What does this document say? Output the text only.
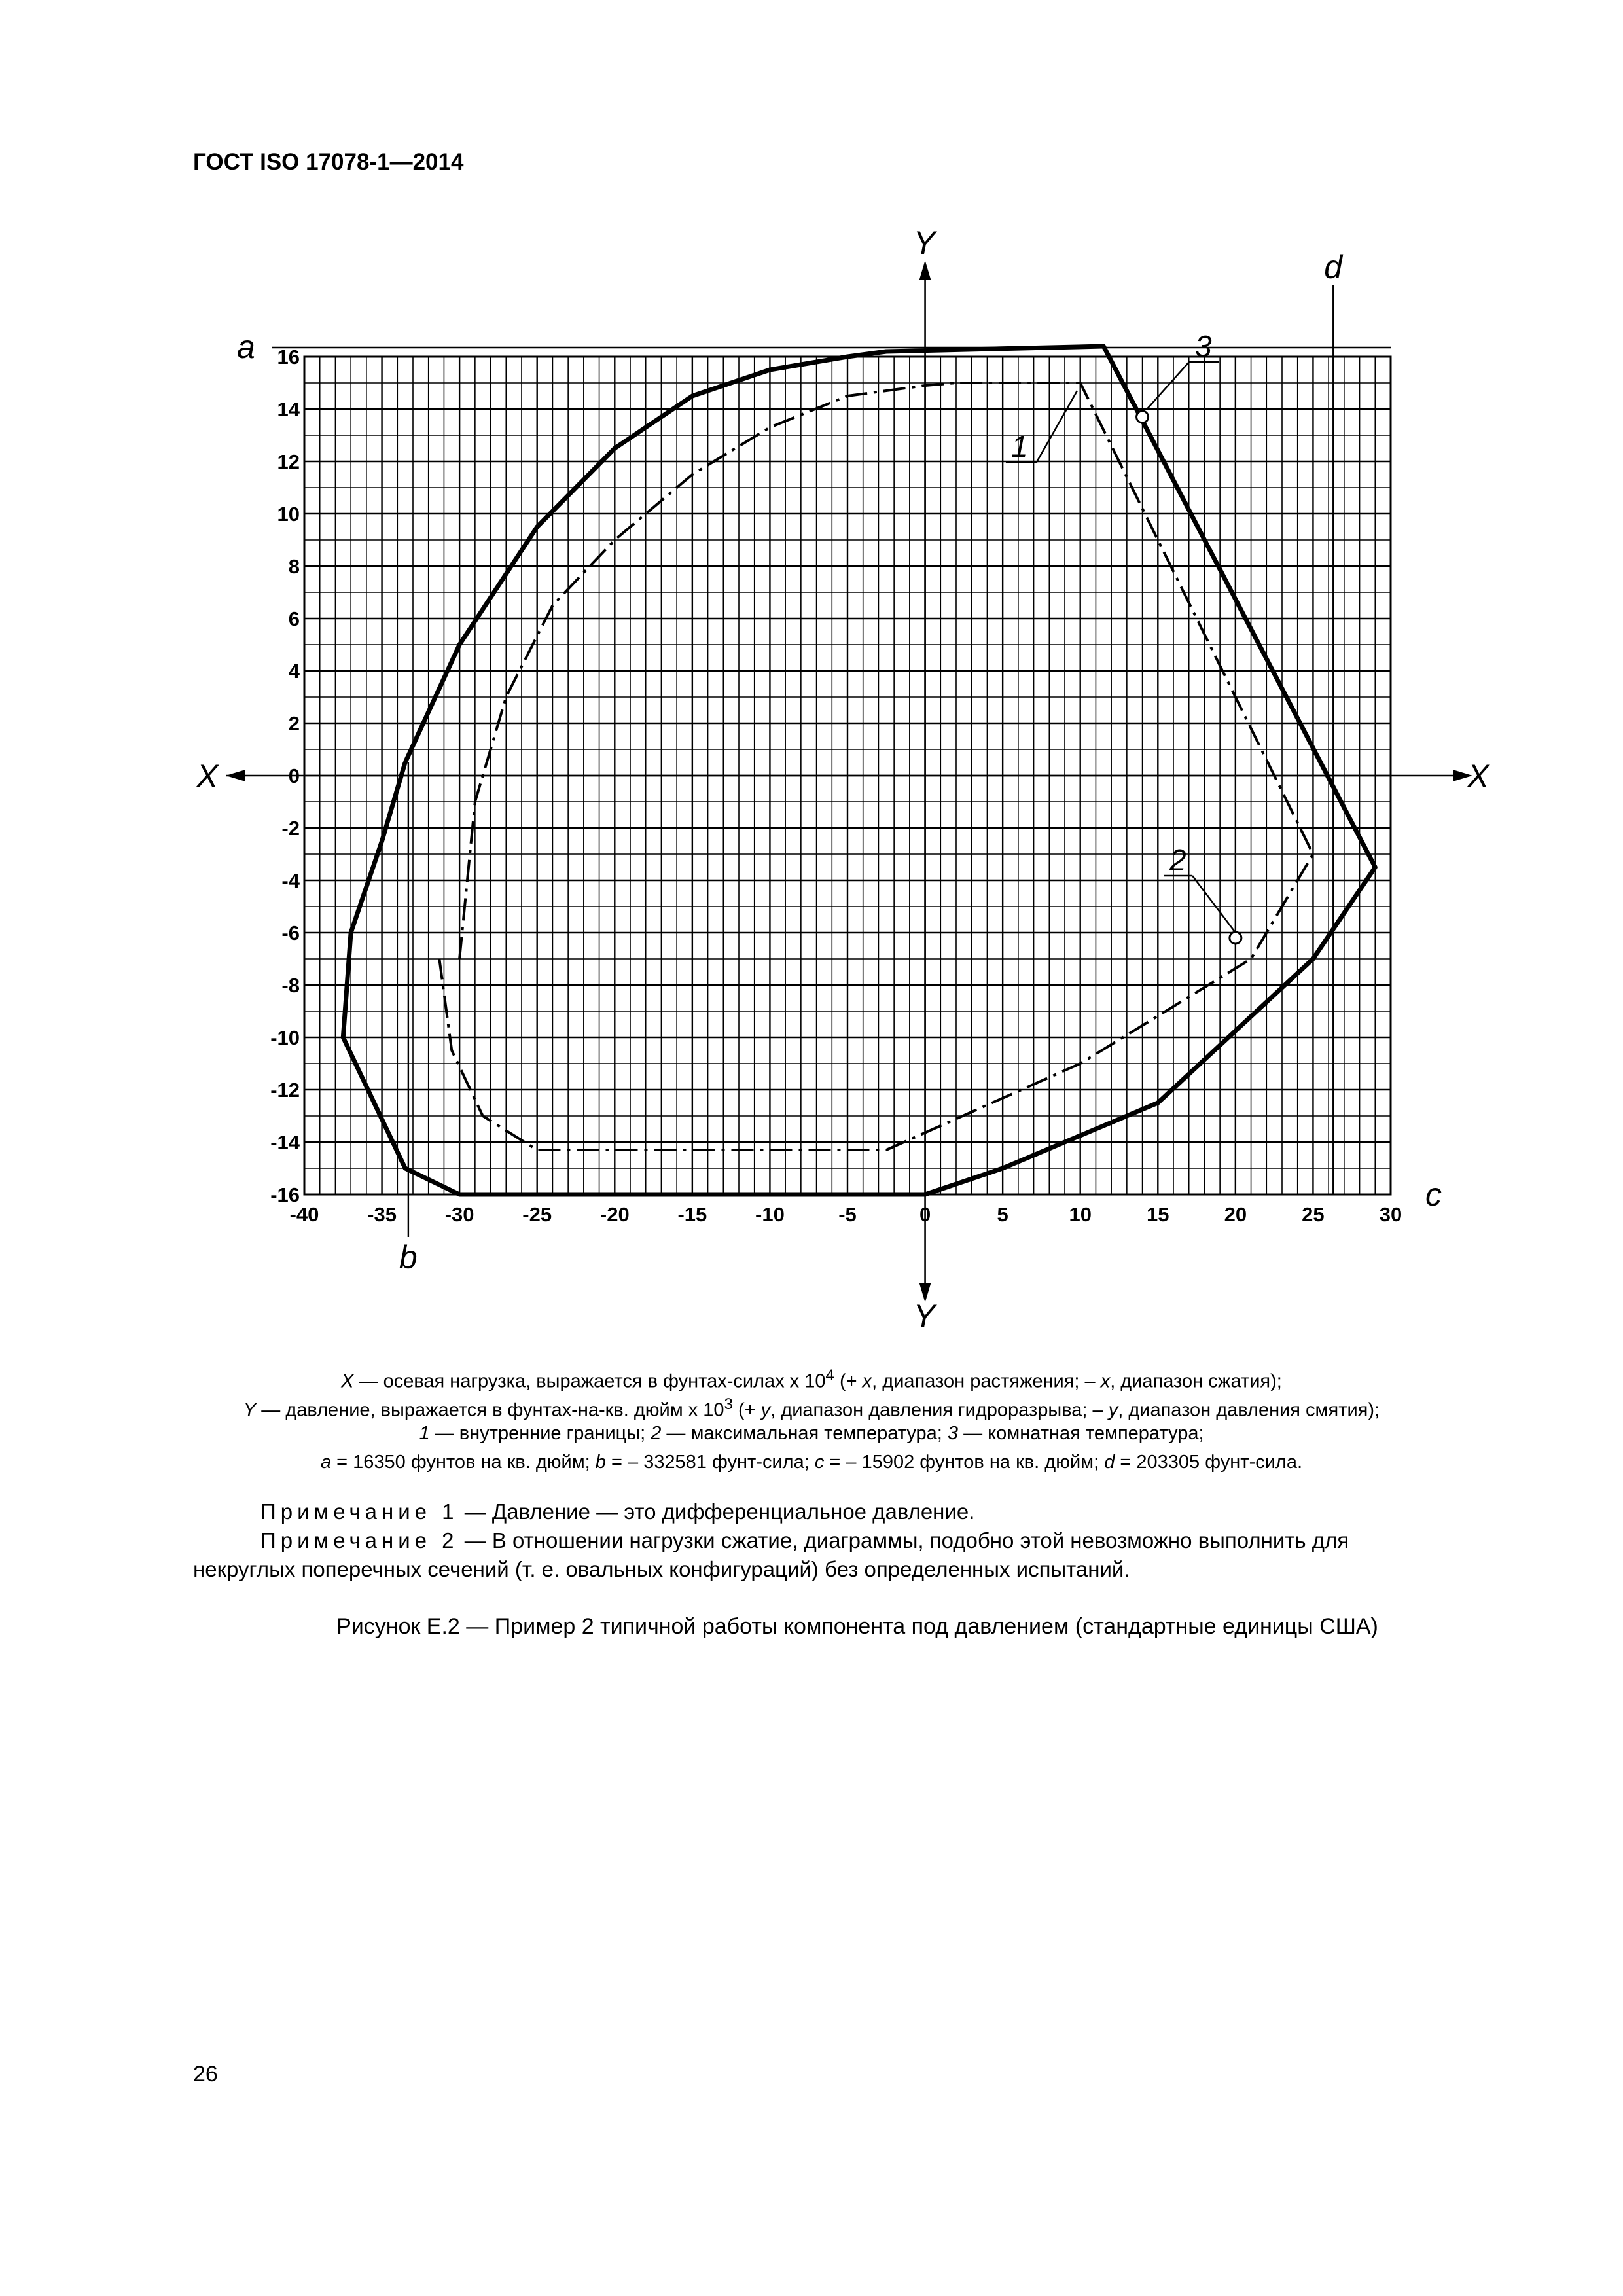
ГОСТ ISO 17078-1—2014
-40 -35 -30 -25 -20 -15 -10	-5	0	5	10	15	20	25	30
16
14
12
10
8
6
4
2
0
-2
-4
-6
-8
-10
-12
-14
-16
1
2
3
X	X
Y
Y
a
b
c
d
X — осевая нагрузка, выражается в фунтах-силах x $10^4$ (+ x, диапазон растяжения; – x, диапазон сжатия);
Y — давление, выражается в фунтах-на-кв. дюйм x $10^3$ (+ y, диапазон давления гидроразрыва; – y, диапазон давления смятия);
1 — внутренние границы; 2 — максимальная температура; 3 — комнатная температура;
a = 16350 фунтов на кв. дюйм; b = – 332581 фунт-сила; c = – 15902 фунтов на кв. дюйм; d = 203305 фунт-сила.
Примечание 1 — Давление — это дифференциальное давление.
Примечание 2 — В отношении нагрузки сжатие, диаграммы, подобно этой невозможно выполнить для
некруглых поперечных сечений (т. е. овальных конфигураций) без определенных испытаний.
Рисунок Е.2 — Пример 2 типичной работы компонента под давлением (стандартные единицы США)
26
